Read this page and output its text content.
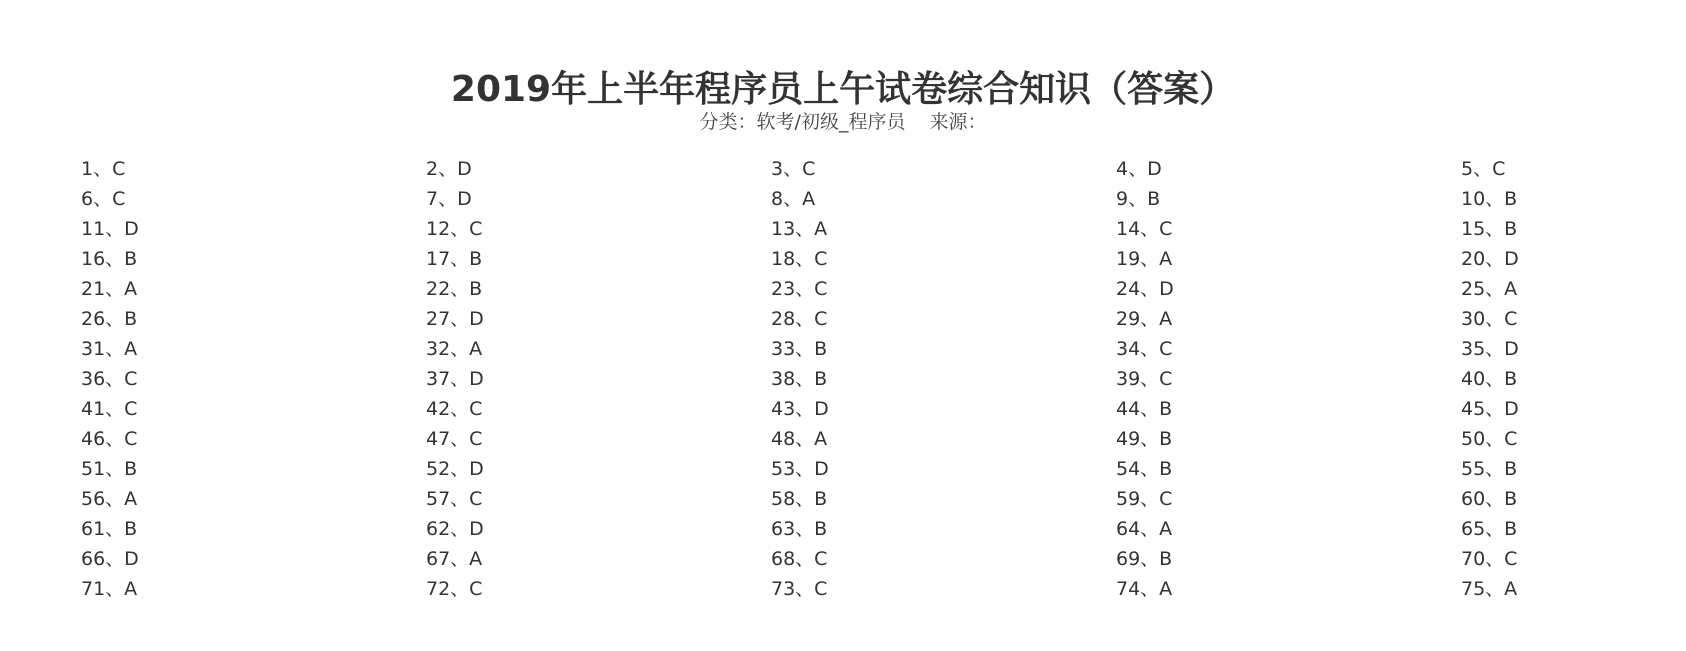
2019年上半年程序员上午试卷综合知识（答案）
分类：软考/初级_程序员 来源：
1、C	2、D	3、C	4、D	5、C
6、C	7、D	8、A	9、B	10、B
11、D	12、C	13、A	14、C	15、B
16、B	17、B	18、C	19、A	20、D
21、A	22、B	23、C	24、D	25、A
26、B	27、D	28、C	29、A	30、C
31、A	32、A	33、B	34、C	35、D
36、C	37、D	38、B	39、C	40、B
41、C	42、C	43、D	44、B	45、D
46、C	47、C	48、A	49、B	50、C
51、B	52、D	53、D	54、B	55、B
56、A	57、C	58、B	59、C	60、B
61、B	62、D	63、B	64、A	65、B
66、D	67、A	68、C	69、B	70、C
71、A	72、C	73、C	74、A	75、A
